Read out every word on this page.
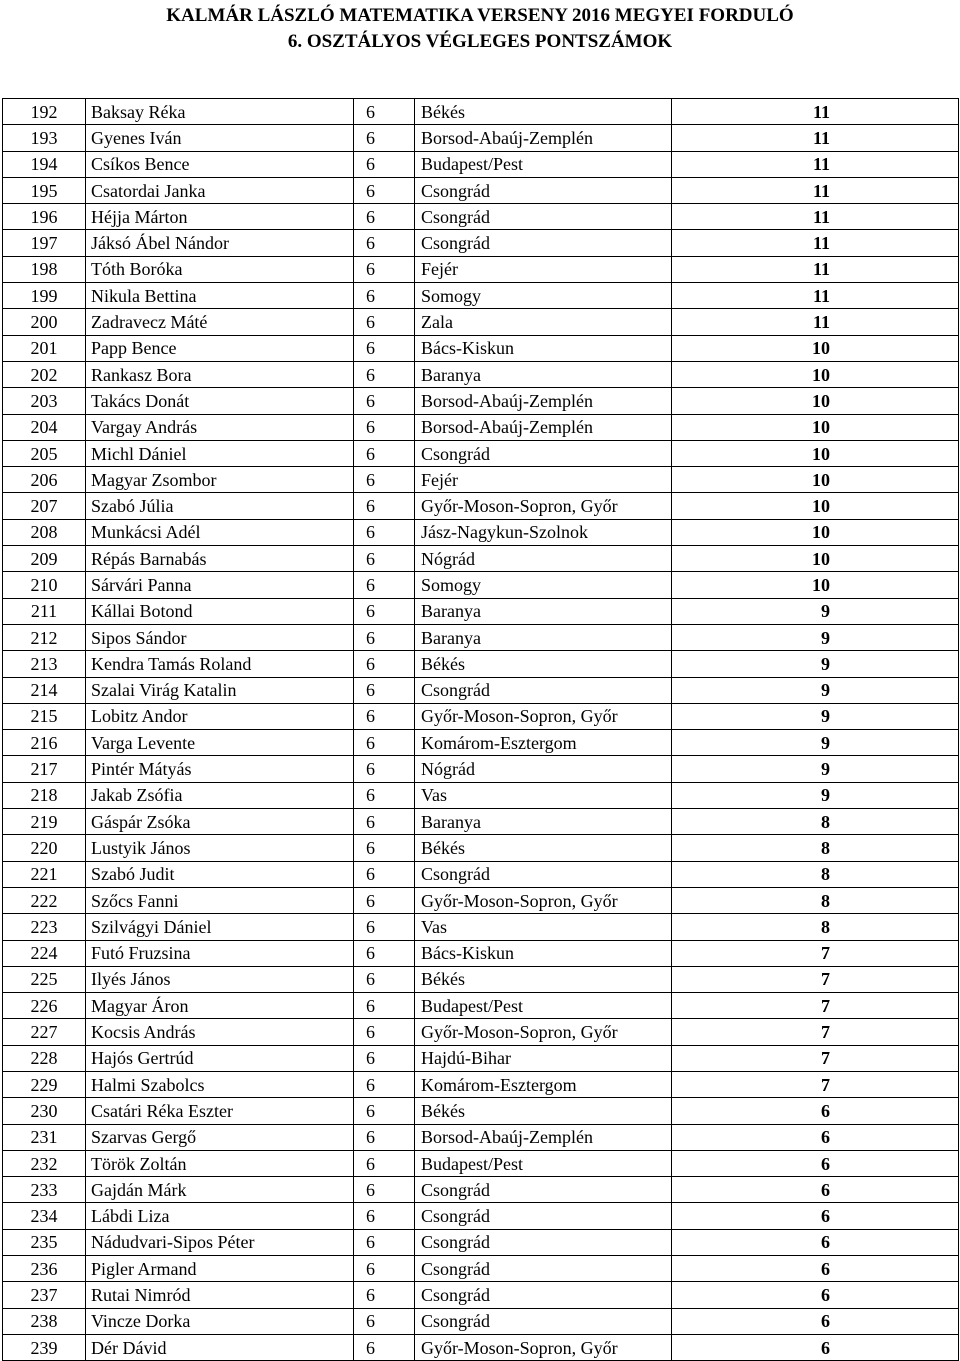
KALMÁR LÁSZLÓ MATEMATIKA VERSENY 2016 MEGYEI FORDULÓ
6. OSZTÁLYOS VÉGLEGES PONTSZÁMOK
192	Baksay Réka	6	Békés	11
193	Gyenes Iván	6	Borsod-Abaúj-Zemplén	11
194	Csíkos Bence	6	Budapest/Pest	11
195	Csatordai Janka	6	Csongrád	11
196	Héjja Márton	6	Csongrád	11
197	Jáksó Ábel Nándor	6	Csongrád	11
198	Tóth Boróka	6	Fejér	11
199	Nikula Bettina	6	Somogy	11
200	Zadravecz Máté	6	Zala	11
201	Papp Bence	6	Bács-Kiskun	10
202	Rankasz Bora	6	Baranya	10
203	Takács Donát	6	Borsod-Abaúj-Zemplén	10
204	Vargay András	6	Borsod-Abaúj-Zemplén	10
205	Michl Dániel	6	Csongrád	10
206	Magyar Zsombor	6	Fejér	10
207	Szabó Júlia	6	Győr-Moson-Sopron, Győr	10
208	Munkácsi Adél	6	Jász-Nagykun-Szolnok	10
209	Répás Barnabás	6	Nógrád	10
210	Sárvári Panna	6	Somogy	10
211	Kállai Botond	6	Baranya	9
212	Sipos Sándor	6	Baranya	9
213	Kendra Tamás Roland	6	Békés	9
214	Szalai Virág Katalin	6	Csongrád	9
215	Lobitz Andor	6	Győr-Moson-Sopron, Győr	9
216	Varga Levente	6	Komárom-Esztergom	9
217	Pintér Mátyás	6	Nógrád	9
218	Jakab Zsófia	6	Vas	9
219	Gáspár Zsóka	6	Baranya	8
220	Lustyik János	6	Békés	8
221	Szabó Judit	6	Csongrád	8
222	Szőcs Fanni	6	Győr-Moson-Sopron, Győr	8
223	Szilvágyi Dániel	6	Vas	8
224	Futó Fruzsina	6	Bács-Kiskun	7
225	Ilyés János	6	Békés	7
226	Magyar Áron	6	Budapest/Pest	7
227	Kocsis András	6	Győr-Moson-Sopron, Győr	7
228	Hajós Gertrúd	6	Hajdú-Bihar	7
229	Halmi Szabolcs	6	Komárom-Esztergom	7
230	Csatári Réka Eszter	6	Békés	6
231	Szarvas Gergő	6	Borsod-Abaúj-Zemplén	6
232	Török Zoltán	6	Budapest/Pest	6
233	Gajdán Márk	6	Csongrád	6
234	Lábdi Liza	6	Csongrád	6
235	Nádudvari-Sipos Péter	6	Csongrád	6
236	Pigler Armand	6	Csongrád	6
237	Rutai Nimród	6	Csongrád	6
238	Vincze Dorka	6	Csongrád	6
239	Dér Dávid	6	Győr-Moson-Sopron, Győr	6
